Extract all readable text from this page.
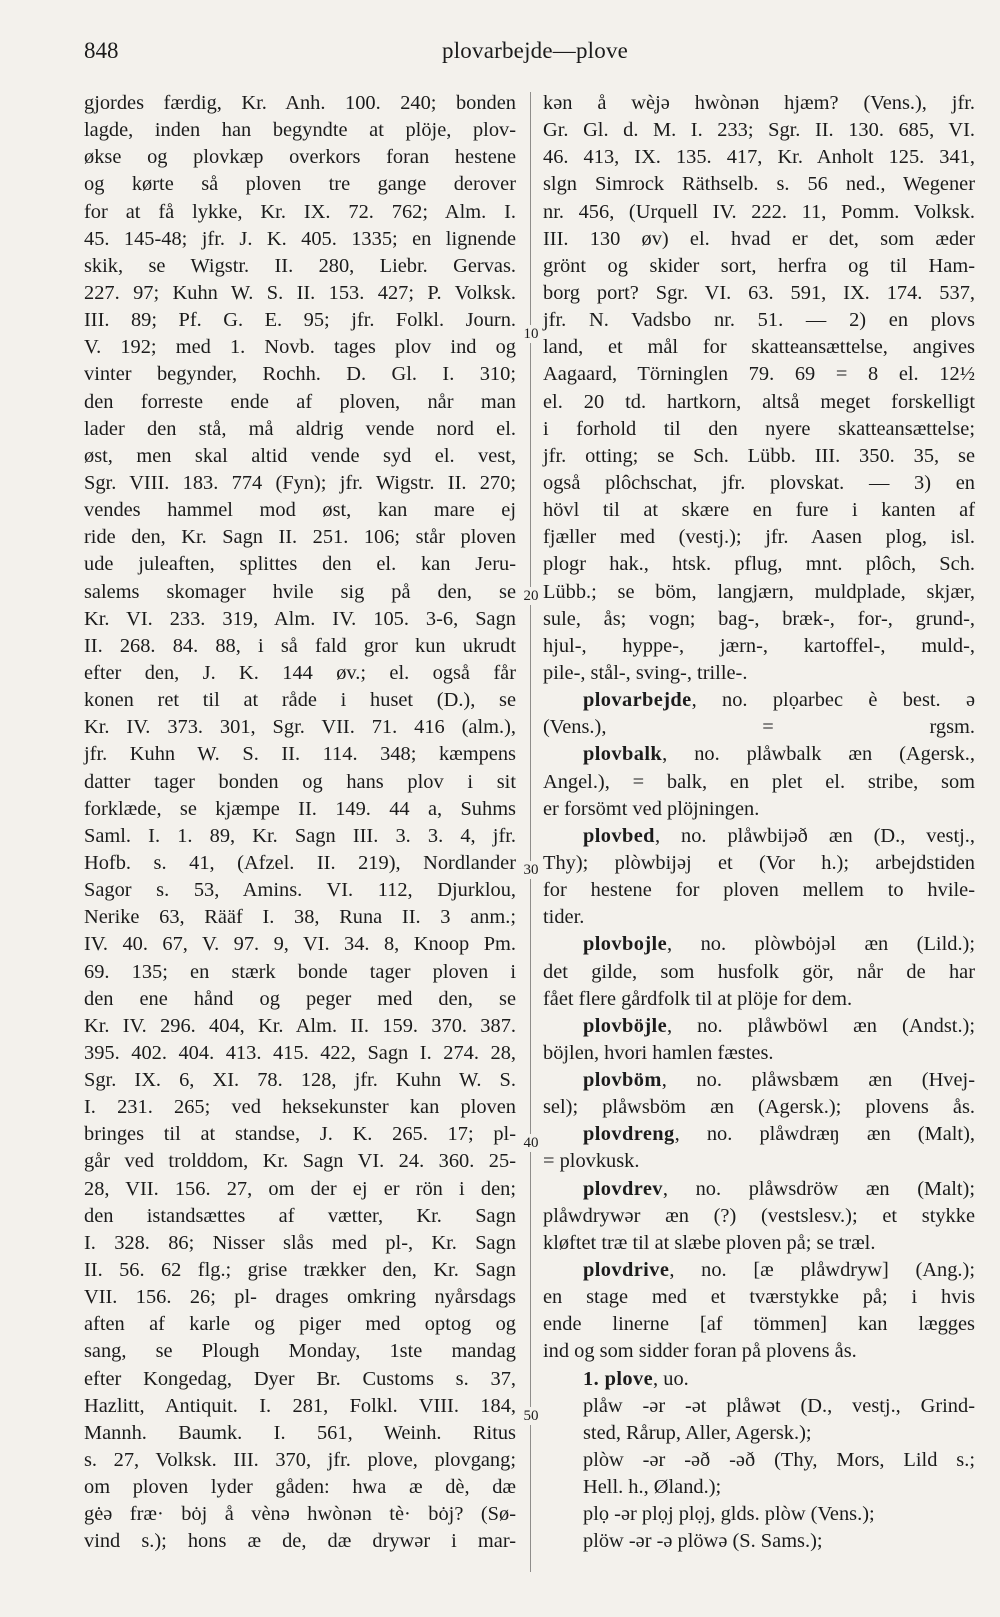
848	plovarbejde—plove
10
20
30
40
50
gjordes færdig, Kr. Anh. 100. 240; bonden
lagde, inden han begyndte at plöje, plov-
økse og plovkæp overkors foran hestene
og kørte så ploven tre gange derover
for at få lykke, Kr. IX. 72. 762; Alm. I.
45. 145-48; jfr. J. K. 405. 1335; en lignende
skik, se Wigstr. II. 280, Liebr. Gervas.
227. 97; Kuhn W. S. II. 153. 427; P. Volksk.
III. 89; Pf. G. E. 95; jfr. Folkl. Journ.
V. 192; med 1. Novb. tages plov ind og
vinter begynder, Rochh. D. Gl. I. 310;
den forreste ende af ploven, når man
lader den stå, må aldrig vende nord el.
øst, men skal altid vende syd el. vest,
Sgr. VIII. 183. 774 (Fyn); jfr. Wigstr. II. 270;
vendes hammel mod øst, kan mare ej
ride den, Kr. Sagn II. 251. 106; står ploven
ude juleaften, splittes den el. kan Jeru-
salems skomager hvile sig på den, se
Kr. VI. 233. 319, Alm. IV. 105. 3-6, Sagn
II. 268. 84. 88, i så fald gror kun ukrudt
efter den, J. K. 144 øv.; el. også får
konen ret til at råde i huset (D.), se
Kr. IV. 373. 301, Sgr. VII. 71. 416 (alm.),
jfr. Kuhn W. S. II. 114. 348; kæmpens
datter tager bonden og hans plov i sit
forklæde, se kjæmpe II. 149. 44 a, Suhms
Saml. I. 1. 89, Kr. Sagn III. 3. 3. 4, jfr.
Hofb. s. 41, (Afzel. II. 219), Nordlander
Sagor s. 53, Amins. VI. 112, Djurklou,
Nerike 63, Rääf I. 38, Runa II. 3 anm.;
IV. 40. 67, V. 97. 9, VI. 34. 8, Knoop Pm.
69. 135; en stærk bonde tager ploven i
den ene hånd og peger med den, se
Kr. IV. 296. 404, Kr. Alm. II. 159. 370. 387.
395. 402. 404. 413. 415. 422, Sagn I. 274. 28,
Sgr. IX. 6, XI. 78. 128, jfr. Kuhn W. S.
I. 231. 265; ved heksekunster kan ploven
bringes til at standse, J. K. 265. 17; pl-
går ved trolddom, Kr. Sagn VI. 24. 360. 25-
28, VII. 156. 27, om der ej er rön i den;
den istandsættes af vætter, Kr. Sagn
I. 328. 86; Nisser slås med pl-, Kr. Sagn
II. 56. 62 flg.; grise trækker den, Kr. Sagn
VII. 156. 26; pl- drages omkring nyårsdags
aften af karle og piger med optog og
sang, se Plough Monday, 1ste mandag
efter Kongedag, Dyer Br. Customs s. 37,
Hazlitt, Antiquit. I. 281, Folkl. VIII. 184,
Mannh. Baumk. I. 561, Weinh. Ritus
s. 27, Volksk. III. 370, jfr. plove, plovgang;
om ploven lyder gåden: hwa æ dè, dæ
gėə fræ· bȯj å vènə hwònən tè· bȯj? (Sø-
vind s.); hons æ de, dæ drywər i mar-
kən å wè̜jə hwònən hjæm? (Vens.), jfr.
Gr. Gl. d. M. I. 233; Sgr. II. 130. 685, VI.
46. 413, IX. 135. 417, Kr. Anholt 125. 341,
slgn Simrock Räthselb. s. 56 ned., Wegener
nr. 456, (Urquell IV. 222. 11, Pomm. Volksk.
III. 130 øv) el. hvad er det, som æder
grönt og skider sort, herfra og til Ham-
borg port? Sgr. VI. 63. 591, IX. 174. 537,
jfr. N. Vadsbo nr. 51. — 2) en plovs
land, et mål for skatteansættelse, angives
Aagaard, Törninglen 79. 69 = 8 el. 12½
el. 20 td. hartkorn, altså meget forskelligt
i forhold til den nyere skatteansættelse;
jfr. otting; se Sch. Lübb. III. 350. 35, se
også plôchschat, jfr. plovskat. — 3) en
hövl til at skære en fure i kanten af
fjæller med (vestj.); jfr. Aasen plog, isl.
plogr hak., htsk. pflug, mnt. plôch, Sch.
Lübb.; se böm, langjærn, muldplade, skjær,
sule, ås; vogn; bag-, bræk-, for-, grund-,
hjul-, hyppe-, jærn-, kartoffel-, muld-,
pile-, stål-, sving-, trille-.
plovarbejde, no. plọarbec è best. ə
(Vens.), = rgsm.
plovbalk, no. plåwbalk æn (Agersk.,
Angel.), = balk, en plet el. stribe, som
er forsömt ved plöjningen.
plovbed, no. plåwbijəð æn (D., vestj.,
Thy); plòwbijəj et (Vor h.); arbejdstiden
for hestene for ploven mellem to hvile-
tider.
plovbojle, no. plòwbȯjəl æn (Lild.);
det gilde, som husfolk gör, når de har
fået flere gårdfolk til at plöje for dem.
plovböjle, no. plåwböwl æn (Andst.);
böjlen, hvori hamlen fæstes.
plovböm, no. plåwsbæm æn (Hvej-
sel); plåwsböm æn (Agersk.); plovens ås.
plovdreng, no. plåwdræŋ æn (Malt),
= plovkusk.
plovdrev, no. plåwsdröw æn (Malt);
plåwdrywər æn (?) (vestslesv.); et stykke
kløftet træ til at slæbe ploven på; se træl.
plovdrive, no. [æ plåwdryw] (Ang.);
en stage med et tværstykke på; i hvis
ende linerne [af tömmen] kan lægges
ind og som sidder foran på plovens ås.
1. plove, uo.
plåw -ər -ət plåwət (D., vestj., Grind-
sted, Rårup, Aller, Agersk.);
plòw -ər -əð -əð (Thy, Mors, Lild s.;
Hell. h., Øland.);
plọ -ər plọj plọj, glds. plòw (Vens.);
plöw -ər -ə plöwə (S. Sams.);
